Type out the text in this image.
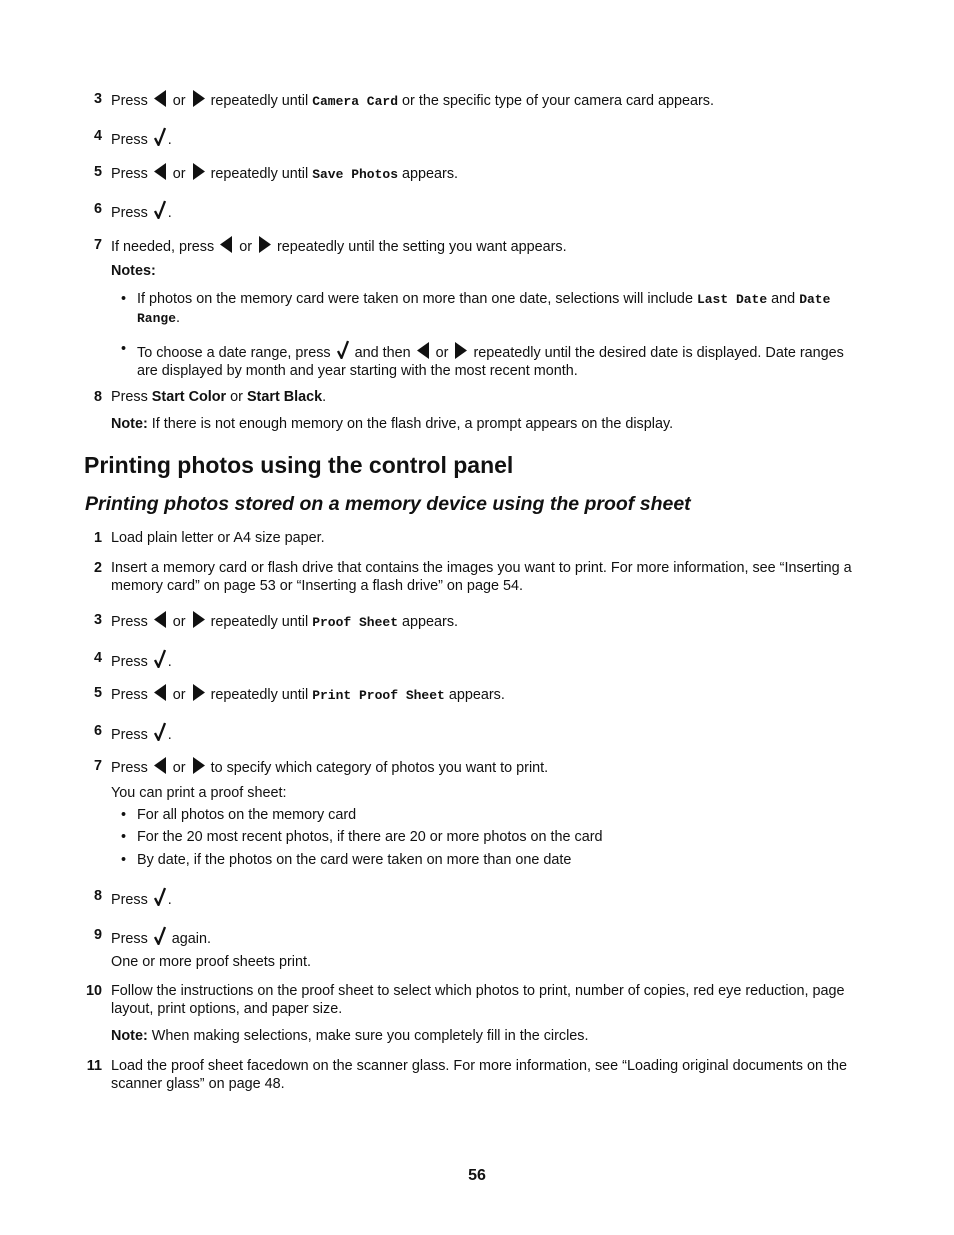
3 Press or repeatedly until Camera Card or the specific type of your camera card appears.
4 Press .
5 Press or repeatedly until Save Photos appears.
6 Press .
7 If needed, press or repeatedly until the setting you want appears.
Notes:
• If photos on the memory card were taken on more than one date, selections will include Last Date and Date
Range.
• To choose a date range, press and then or repeatedly until the desired date is displayed. Date ranges
are displayed by month and year starting with the most recent month.
8 Press Start Color or Start Black.
Note: If there is not enough memory on the flash drive, a prompt appears on the display.
Printing photos using the control panel
Printing photos stored on a memory device using the proof sheet
1 Load plain letter or A4 size paper.
2 Insert a memory card or flash drive that contains the images you want to print. For more information, see “Inserting a
memory card” on page 53 or “Inserting a flash drive” on page 54.
3 Press or repeatedly until Proof Sheet appears.
4 Press .
5 Press or repeatedly until Print Proof Sheet appears.
6 Press .
7 Press or to specify which category of photos you want to print.
You can print a proof sheet:
• For all photos on the memory card
• For the 20 most recent photos, if there are 20 or more photos on the card
• By date, if the photos on the card were taken on more than one date
8 Press .
9 Press again.
One or more proof sheets print.
10 Follow the instructions on the proof sheet to select which photos to print, number of copies, red eye reduction, page
layout, print options, and paper size.
Note: When making selections, make sure you completely fill in the circles.
11 Load the proof sheet facedown on the scanner glass. For more information, see “Loading original documents on the
scanner glass” on page 48.
56
